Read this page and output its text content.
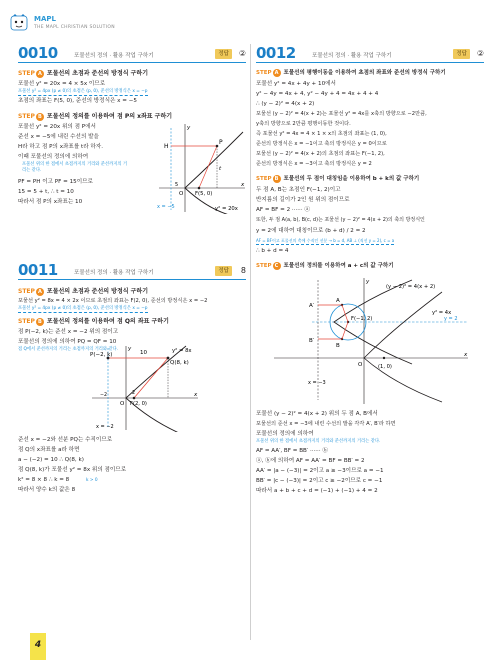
MAPL
THE MAPL CHRISTIAN SOLUTION
0010	포물선의 정의 · 활용 작업 구하기	정답	②
STEP A 포물선의 초점과 준선의 방정식 구하기
포물선 y² = 20x = 4 × 5x 이므로
포물선 y² = 4px (p ≠ 0)의 초점은 (p, 0), 준선의 방정식은 x = −p
초점의 좌표는 F(5, 0), 준선의 방정식은 x = −5
STEP B 포물선의 정의를 이용하여 점 P의 x좌표 구하기
포물선 y² = 20x 위의 점 P에서
준선 x = −5에 내린 수선의 발을
H라 하고 점 P의 x좌표를 t라 하자.
이때 포물선의 정의에 의하여
포물선 위의 한 점에서 초점까지의 거리와 준선까지의 거리는 같다.
PF = PH 이고 PF = 15이므로
15 = 5 + t, ∴ t = 10
따라서 점 P의 x좌표는 10
H
P
t
O F(5, 0)
x
y
5
x = −5	y² = 20x
0011	포물선의 정의 · 활용 작업 구하기	정답	8
STEP A 포물선의 초점과 준선의 방정식 구하기
포물선 y² = 8x = 4 × 2x 이므로 초점의 좌표는 F(2, 0), 준선의 방정식은 x = −2
포물선 y² = 4px (p ≠ 0)의 초점은 (p, 0), 준선의 방정식은 x = −p
STEP B 포물선의 정의를 이용하여 점 Q의 좌표 구하기
점 P(−2, k)는 준선 x = −2 위의 점이고
포물선의 정의에 의하여 PQ = QF = 10
점 Q에서 준선까지의 거리는 초점까지의 거리와 같다.
P(−2, k)
Q(8, k)
10
O F(2, 0)
x
y
x = −2
y² = 8x
2
−2
준선 x = −2와 선분 PQ는 수직이므로
점 Q의 x좌표를 a라 하면
a − (−2) = 10 ∴ Q(8, k)
점 Q(8, k)가 포물선 y² = 8x 위의 점이므로
k² = 8 × 8 ∴ k = 8	k > 0
따라서 양수 k의 값은 8
0012	포물선의 정의 · 활용 작업 구하기	정답	②
STEP A 포물선의 평행이동을 이용하여 초점의 좌표와 준선의 방정식 구하기
포물선 y² = 4x + 4y + 10에서
y² − 4y = 4x + 4, y² − 4y + 4 = 4x + 4 + 4
∴ (y − 2)² = 4(x + 2)
포물선 (y − 2)² = 4(x + 2)는 포물선 y² = 4x를 x축의 방향으로 −2만큼,
y축의 방향으로 2만큼 평행이동한 것이다.
즉 포물선 y² = 4x = 4 × 1 × x의 초점의 좌표는 (1, 0),
준선의 방정식은 x = −1이고 축의 방정식은 y = 0이므로
포물선 (y − 2)² = 4(x + 2)의 초점의 좌표는 F(−1, 2),
준선의 방정식은 x = −3이고 축의 방정식은 y = 2
STEP B 포물선의 두 점이 대칭임을 이용하여 b + k의 값 구하기
두 점 A, B는 초점인 F(−1, 2)이고
반지름의 길이가 2인 원 위의 점이므로
AF = BF = 2 ······ ⓐ
또한, 두 점 A(a, b), B(c, d)는 포물선 (y − 2)² = 4(x + 2)의 축의 방정식인
y = 2에 대하여 대칭이므로 (b + d) / 2 = 2
AF = BF이고 포물선의 축에 수직인 선분 → b = d, AB ⊥ (직선 y = 2), c = a
∴ b + d = 4
STEP C 포물선의 정의를 이용하여 a + c의 값 구하기
(y − 2)² = 4(x + 2)
y² = 4x
A
A′
B
B′
F(−1, 2)
(1, 0)
O
x
y
y = 2
x = −3
포물선 (y − 2)² = 4(x + 2) 위의 두 점 A, B에서
포물선의 준선 x = −3에 내린 수선의 발을 각각 A′, B′라 하면
포물선의 정의에 의하여
포물선 위의 한 점에서 초점까지의 거리와 준선까지의 거리는 같다.
AF = AA′, BF = BB′ ······ ⓑ
ⓐ, ⓑ에 의하여 AF = AA′ = BF = BB′ = 2
AA′ = |a − (−3)| = 2이고 a ≥ −3이므로 a = −1
BB′ = |c − (−3)| = 2이고 c ≥ −2이므로 c = −1
따라서 a + b + c + d = (−1) + (−1) + 4 = 2
4
